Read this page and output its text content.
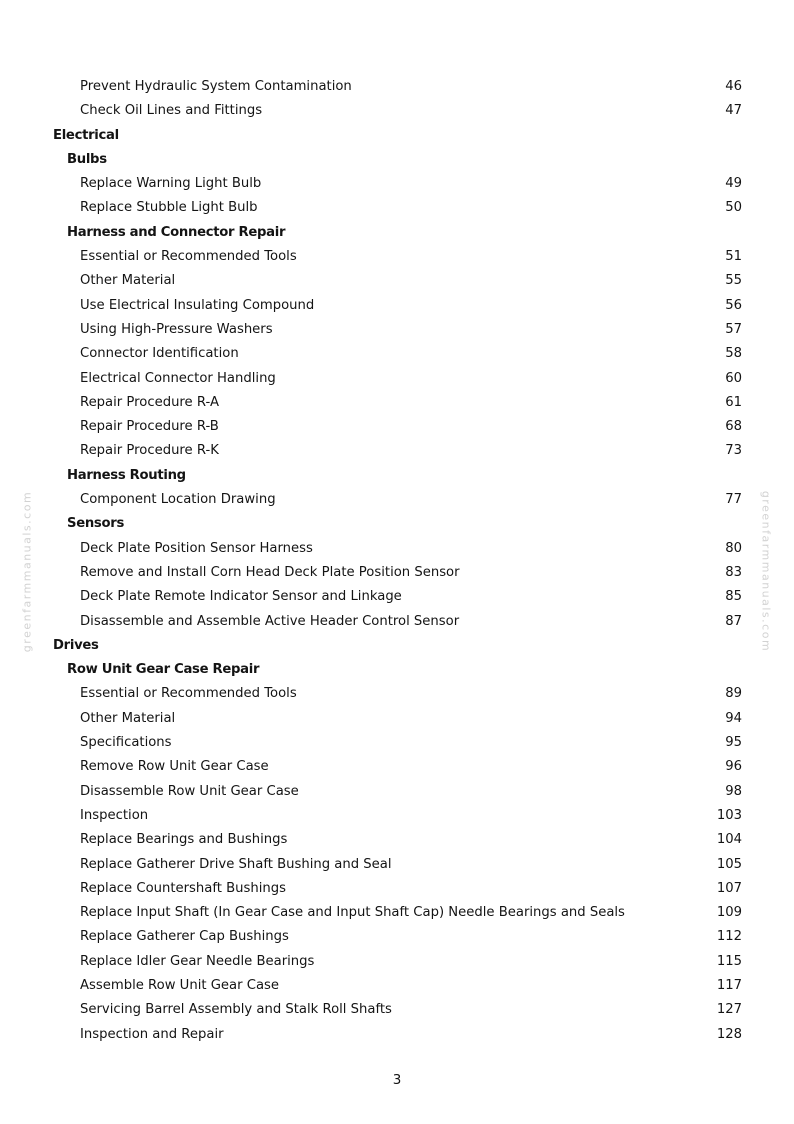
Prevent Hydraulic System Contamination	46
Check Oil Lines and Fittings	47
Electrical
Bulbs
Replace Warning Light Bulb	49
Replace Stubble Light Bulb	50
Harness and Connector Repair
Essential or Recommended Tools	51
Other Material	55
Use Electrical Insulating Compound	56
Using High-Pressure Washers	57
Connector Identification	58
Electrical Connector Handling	60
Repair Procedure R-A	61
Repair Procedure R-B	68
Repair Procedure R-K	73
Harness Routing
Component Location Drawing	77
Sensors
Deck Plate Position Sensor Harness	80
Remove and Install Corn Head Deck Plate Position Sensor	83
Deck Plate Remote Indicator Sensor and Linkage	85
Disassemble and Assemble Active Header Control Sensor	87
Drives
Row Unit Gear Case Repair
Essential or Recommended Tools	89
Other Material	94
Specifications	95
Remove Row Unit Gear Case	96
Disassemble Row Unit Gear Case	98
Inspection	103
Replace Bearings and Bushings	104
Replace Gatherer Drive Shaft Bushing and Seal	105
Replace Countershaft Bushings	107
Replace Input Shaft (In Gear Case and Input Shaft Cap) Needle Bearings and Seals	109
Replace Gatherer Cap Bushings	112
Replace Idler Gear Needle Bearings	115
Assemble Row Unit Gear Case	117
Servicing Barrel Assembly and Stalk Roll Shafts	127
Inspection and Repair	128
3
greenfarmmanuals.com	greenfarmmanuals.com
